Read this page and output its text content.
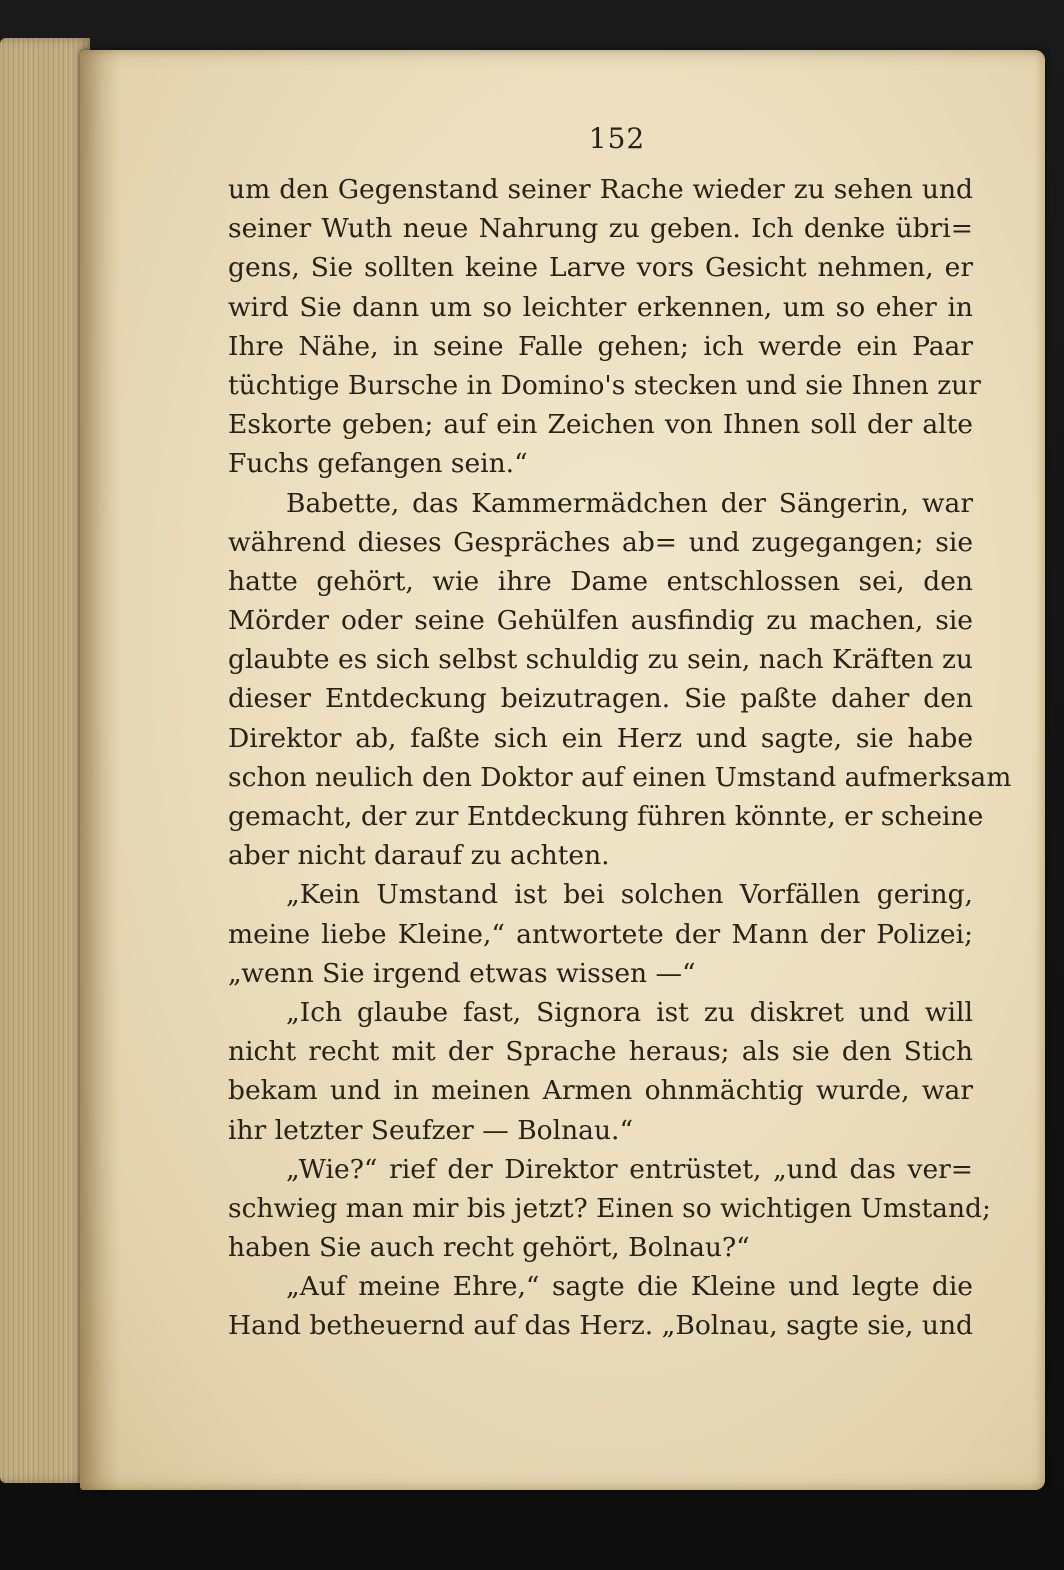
152
um den Gegenstand seiner Rache wieder zu sehen und
seiner Wuth neue Nahrung zu geben. Ich denke übri=
gens, Sie sollten keine Larve vors Gesicht nehmen, er
wird Sie dann um so leichter erkennen, um so eher in
Ihre Nähe, in seine Falle gehen; ich werde ein Paar
tüchtige Bursche in Domino's stecken und sie Ihnen zur
Eskorte geben; auf ein Zeichen von Ihnen soll der alte
Fuchs gefangen sein.“
Babette, das Kammermädchen der Sängerin, war
während dieses Gespräches ab= und zugegangen; sie
hatte gehört, wie ihre Dame entschlossen sei, den
Mörder oder seine Gehülfen ausfindig zu machen, sie
glaubte es sich selbst schuldig zu sein, nach Kräften zu
dieser Entdeckung beizutragen. Sie paßte daher den
Direktor ab, faßte sich ein Herz und sagte, sie habe
schon neulich den Doktor auf einen Umstand aufmerksam
gemacht, der zur Entdeckung führen könnte, er scheine
aber nicht darauf zu achten.
„Kein Umstand ist bei solchen Vorfällen gering,
meine liebe Kleine,“ antwortete der Mann der Polizei;
„wenn Sie irgend etwas wissen —“
„Ich glaube fast, Signora ist zu diskret und will
nicht recht mit der Sprache heraus; als sie den Stich
bekam und in meinen Armen ohnmächtig wurde, war
ihr letzter Seufzer — Bolnau.“
„Wie?“ rief der Direktor entrüstet, „und das ver=
schwieg man mir bis jetzt? Einen so wichtigen Umstand;
haben Sie auch recht gehört, Bolnau?“
„Auf meine Ehre,“ sagte die Kleine und legte die
Hand betheuernd auf das Herz. „Bolnau, sagte sie, und
